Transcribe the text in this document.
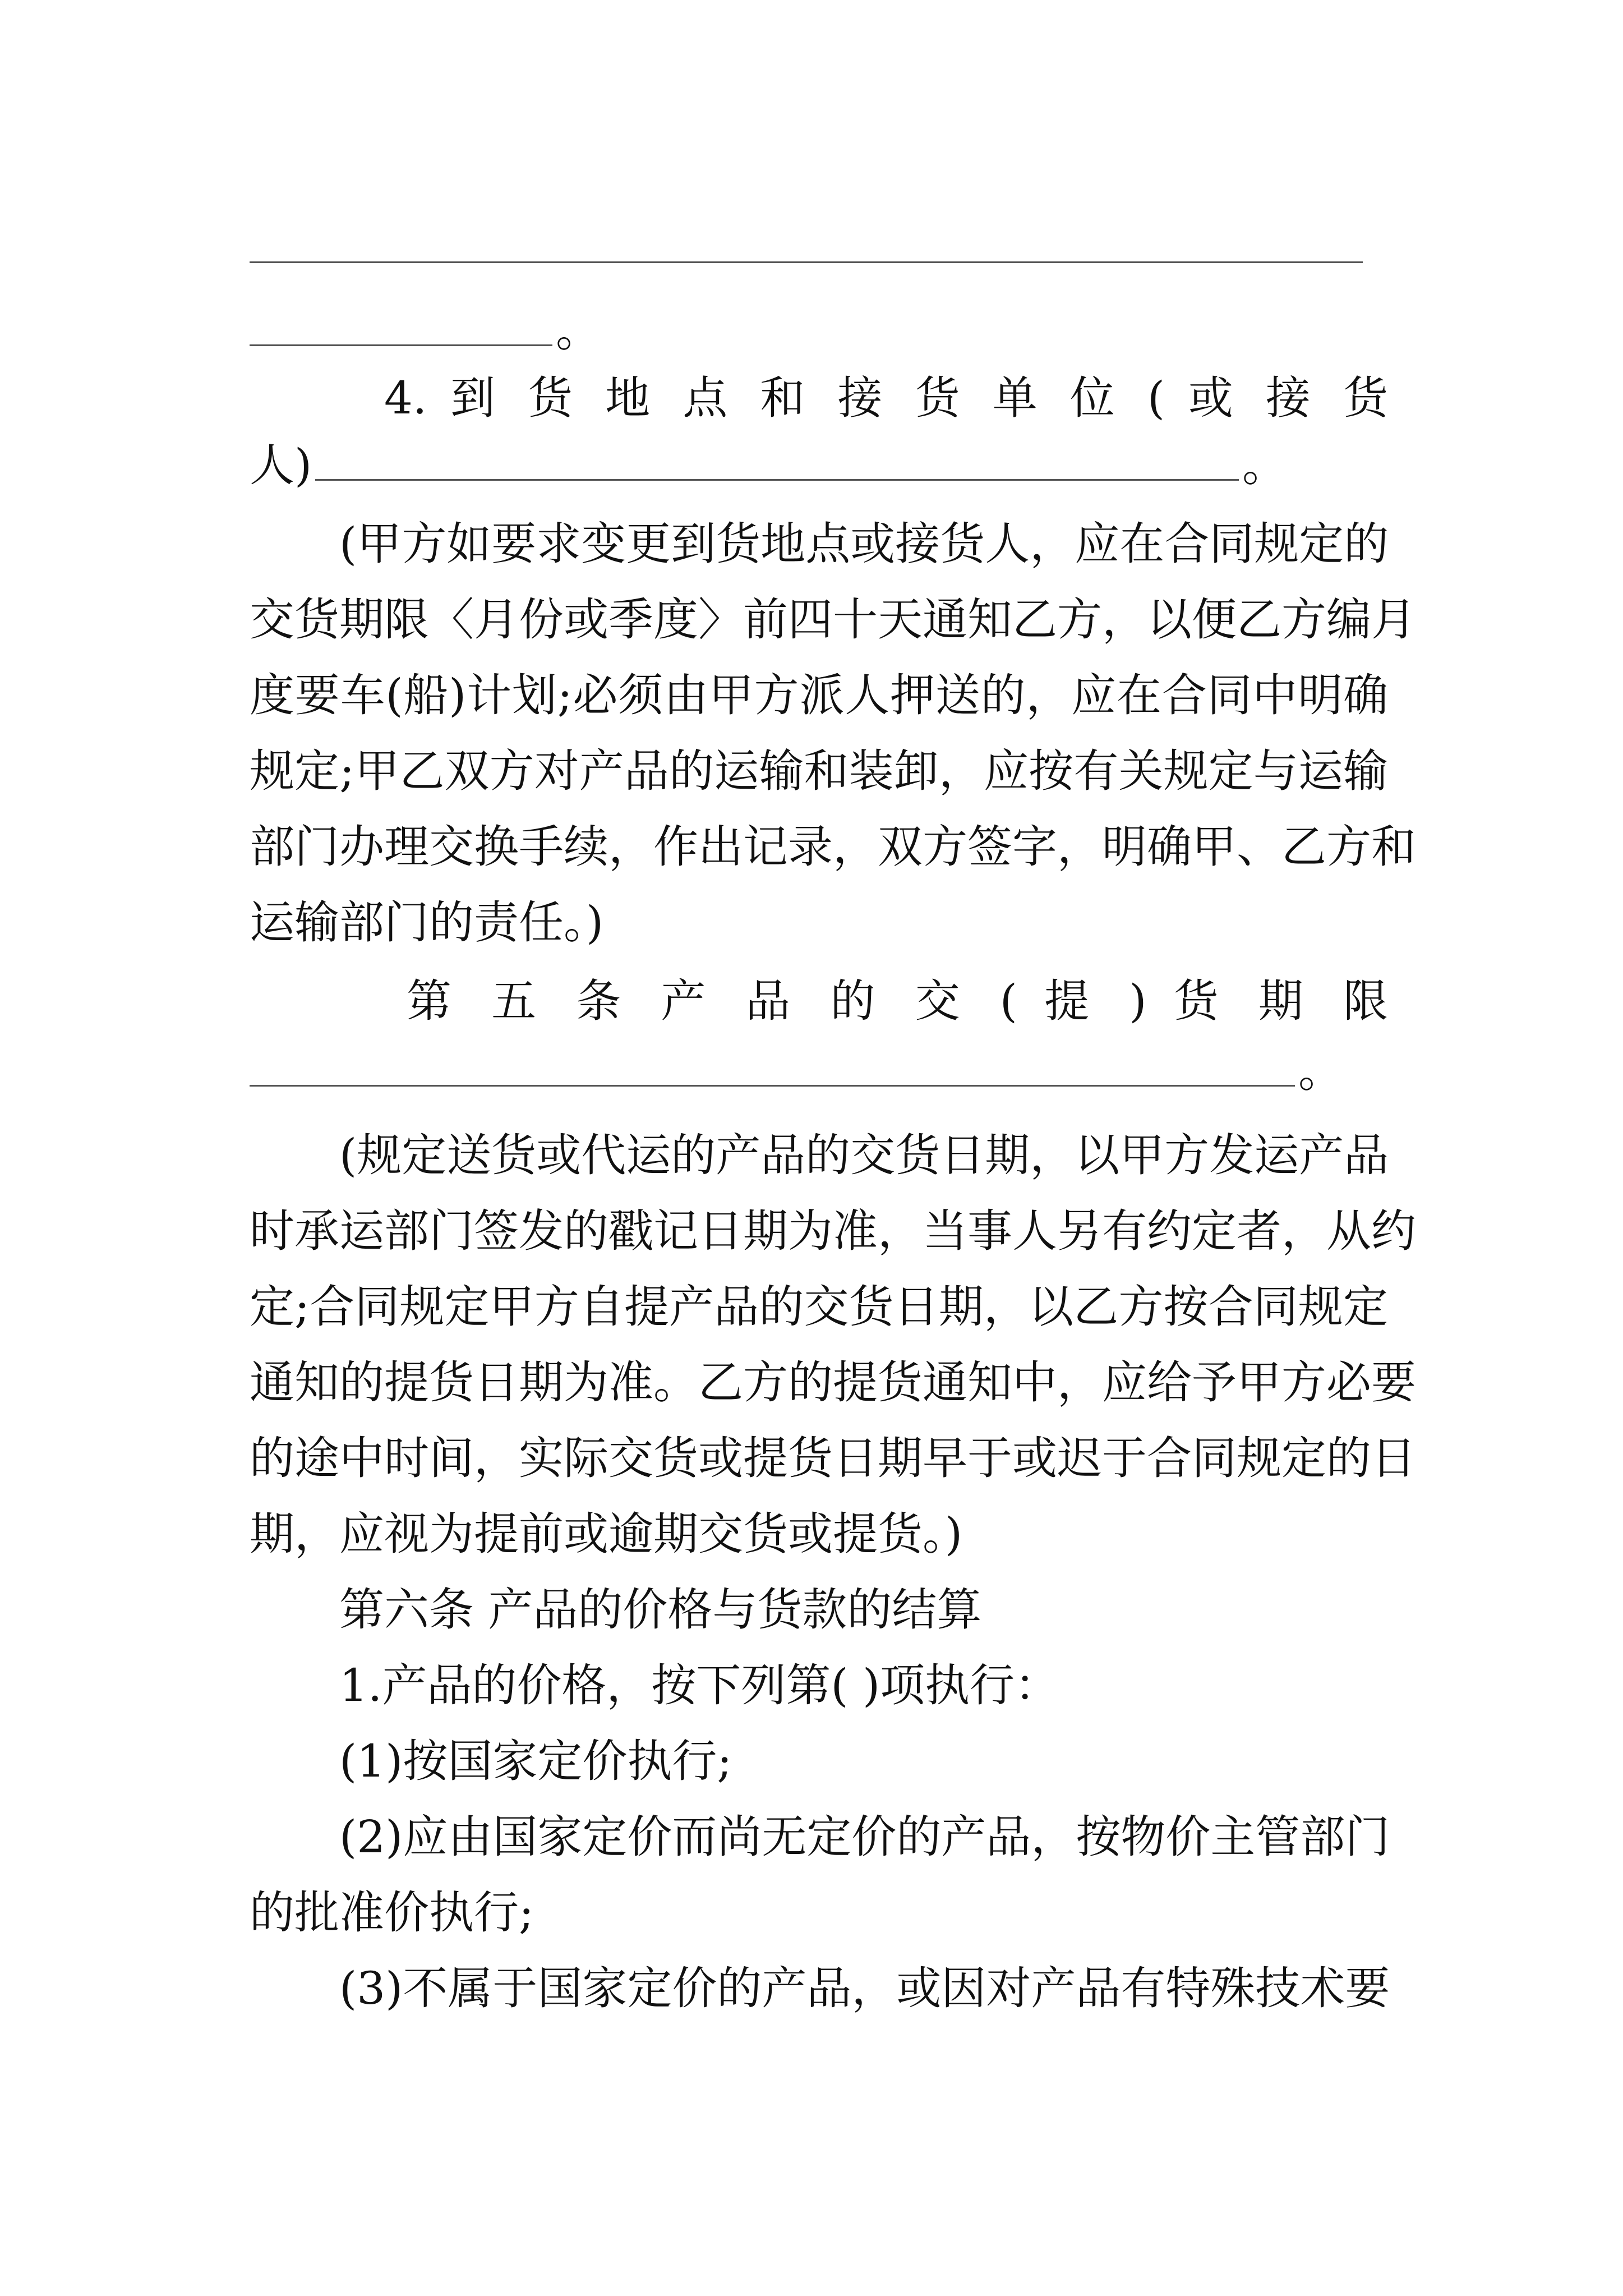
。
4. 到 货 地 点 和 接 货 单 位 ( 或 接 货
人)	。
(甲方如要求变更到货地点或接货人，应在合同规定的
交货期限〈月份或季度〉前四十天通知乙方，以便乙方编月
度要车(船)计划;必须由甲方派人押送的，应在合同中明确
规定;甲乙双方对产品的运输和装卸，应按有关规定与运输
部门办理交换手续，作出记录，双方签字，明确甲、乙方和
运输部门的责任。)
第 五 条 产 品 的 交 ( 提 ) 货 期 限
。
(规定送货或代运的产品的交货日期，以甲方发运产品
时承运部门签发的戳记日期为准，当事人另有约定者，从约
定;合同规定甲方自提产品的交货日期，以乙方按合同规定
通知的提货日期为准。乙方的提货通知中，应给予甲方必要
的途中时间，实际交货或提货日期早于或迟于合同规定的日
期，应视为提前或逾期交货或提货。)
第六条 产品的价格与货款的结算
1.产品的价格，按下列第( )项执行：
(1)按国家定价执行;
(2)应由国家定价而尚无定价的产品，按物价主管部门
的批准价执行;
(3)不属于国家定价的产品，或因对产品有特殊技术要
